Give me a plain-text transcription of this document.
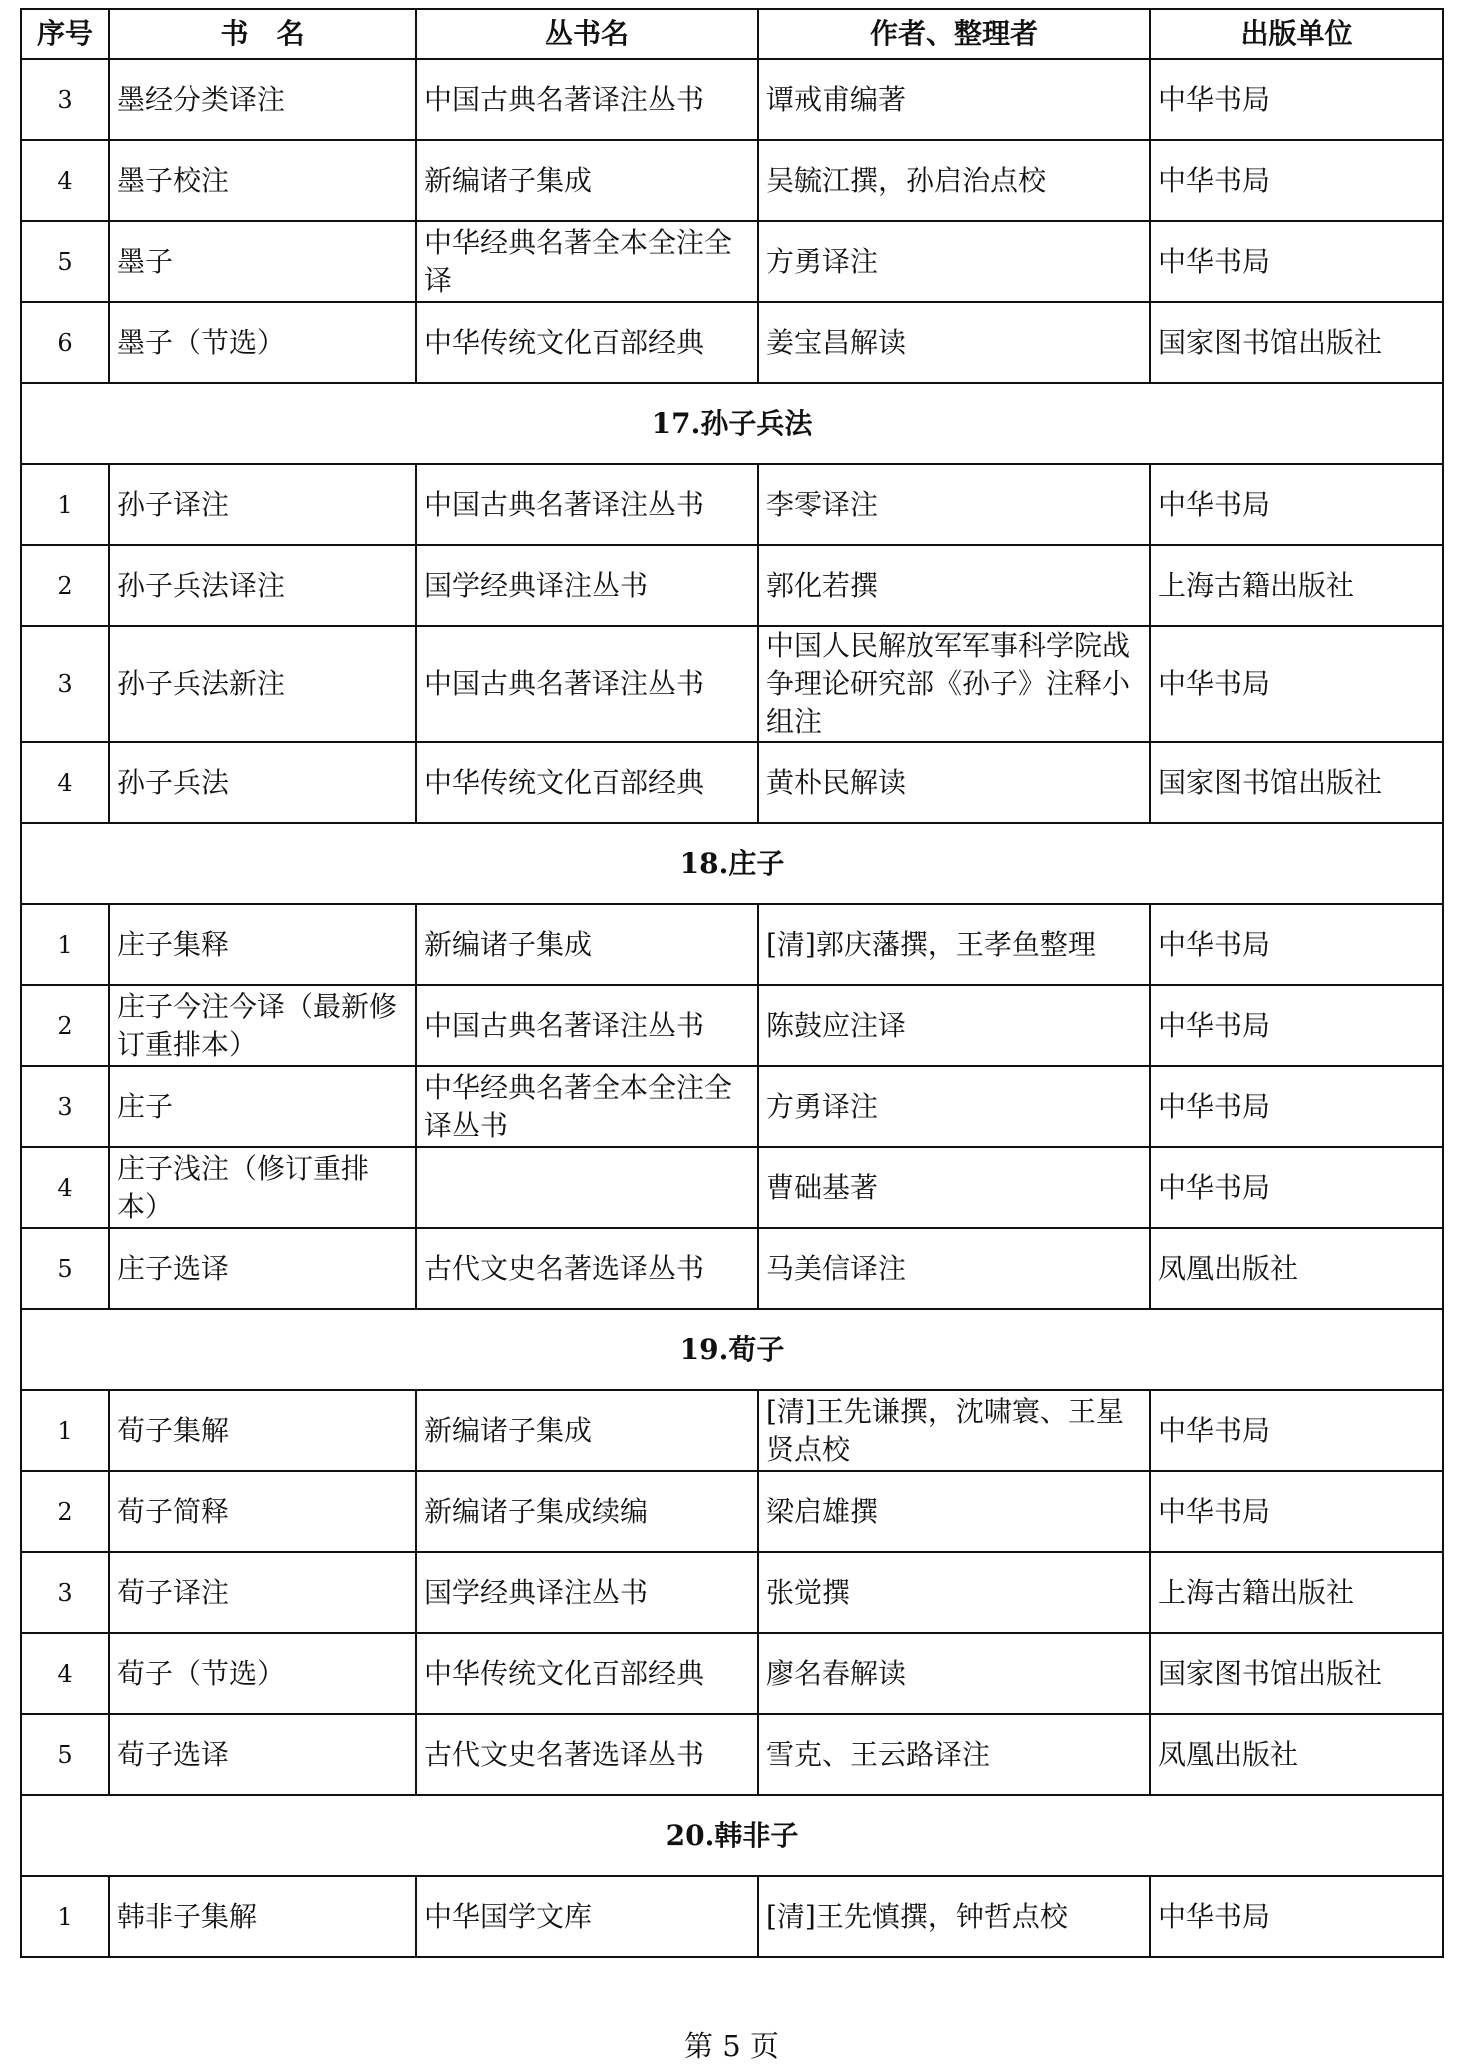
序号	书　名	丛书名	作者、整理者	出版单位
3	墨经分类译注	中国古典名著译注丛书	谭戒甫编著	中华书局
4	墨子校注	新编诸子集成	吴毓江撰，孙启治点校	中华书局
5	墨子	中华经典名著全本全注全译	方勇译注	中华书局
6	墨子（节选）	中华传统文化百部经典	姜宝昌解读	国家图书馆出版社
17.孙子兵法				
1	孙子译注	中国古典名著译注丛书	李零译注	中华书局
2	孙子兵法译注	国学经典译注丛书	郭化若撰	上海古籍出版社
3	孙子兵法新注	中国古典名著译注丛书	中国人民解放军军事科学院战争理论研究部《孙子》注释小组注	中华书局
4	孙子兵法	中华传统文化百部经典	黄朴民解读	国家图书馆出版社
18.庄子				
1	庄子集释	新编诸子集成	[清]郭庆藩撰，王孝鱼整理	中华书局
2	庄子今注今译（最新修订重排本）	中国古典名著译注丛书	陈鼓应注译	中华书局
3	庄子	中华经典名著全本全注全译丛书	方勇译注	中华书局
4	庄子浅注（修订重排本）		曹础基著	中华书局
5	庄子选译	古代文史名著选译丛书	马美信译注	凤凰出版社
19.荀子				
1	荀子集解	新编诸子集成	[清]王先谦撰，沈啸寰、王星贤点校	中华书局
2	荀子简释	新编诸子集成续编	梁启雄撰	中华书局
3	荀子译注	国学经典译注丛书	张觉撰	上海古籍出版社
4	荀子（节选）	中华传统文化百部经典	廖名春解读	国家图书馆出版社
5	荀子选译	古代文史名著选译丛书	雪克、王云路译注	凤凰出版社
20.韩非子				
1	韩非子集解	中华国学文库	[清]王先慎撰，钟哲点校	中华书局
第 5 页
